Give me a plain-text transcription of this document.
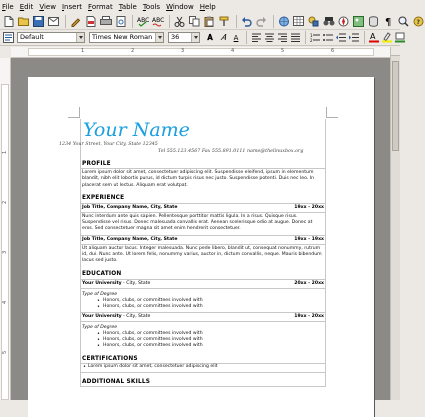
File Edit View Insert Format Table Tools Window Help
ABC ABC	¶	?
Default	Times New Roman	36	𝐀 𝐴 A	1
2	A
1	2	3	4	5	6
1
2
3
4
5
Your Name
1234 Your Street, Your City, State 12345
Tel 555.123.4567 Fax 555.891.0111 name@thelinuxbox.org
PROFILE
Lorem ipsum dolor sit amet, consectetuer adipiscing elit. Suspendisse eleifend, ipsum in elementum blandit, nibh elit lobortis purus, id dictum turpis risus nec justo. Suspendisse potenti. Duis nec leo. In placerat sem ut lectus. Aliquam erat volutpat.
EXPERIENCE
Job Title, Company Name, City, State	19xx - 20xx
Nunc interdum ante quis sapien. Pellentesque porttitor mattis ligula. In a risus. Quisque risus. Suspendisse vel risus. Donec malesuada convallis erat. Aenean scelerisque odio at augue. Donec at eros. Sed consectetuer magna sit amet enim hendrerit consectetuer.
Job Title, Company Name, City, State	19xx - 19xx
Ut aliquam auctor lacus. Integer malesuada. Nunc pede libero, blandit ut, consequat nonummy, rutrum id, dui. Nunc ante. Ut lorem felis, nonummy varius, auctor in, dictum convallis, neque. Mauris bibendum lacus sed justo.
EDUCATION
Your University - City, State	20xx - 20xx
Type of Degree
• Honors, clubs, or committees involved with
• Honors, clubs, or committees involved with
Your University - City, State	19xx - 20xx
Type of Degree
• Honors, clubs, or committees involved with
• Honors, clubs, or committees involved with
• Honors, clubs, or committees involved with
CERTIFICATIONS
• Lorem ipsum dolor sit amet, consectetuer adipiscing elit
ADDITIONAL SKILLS
